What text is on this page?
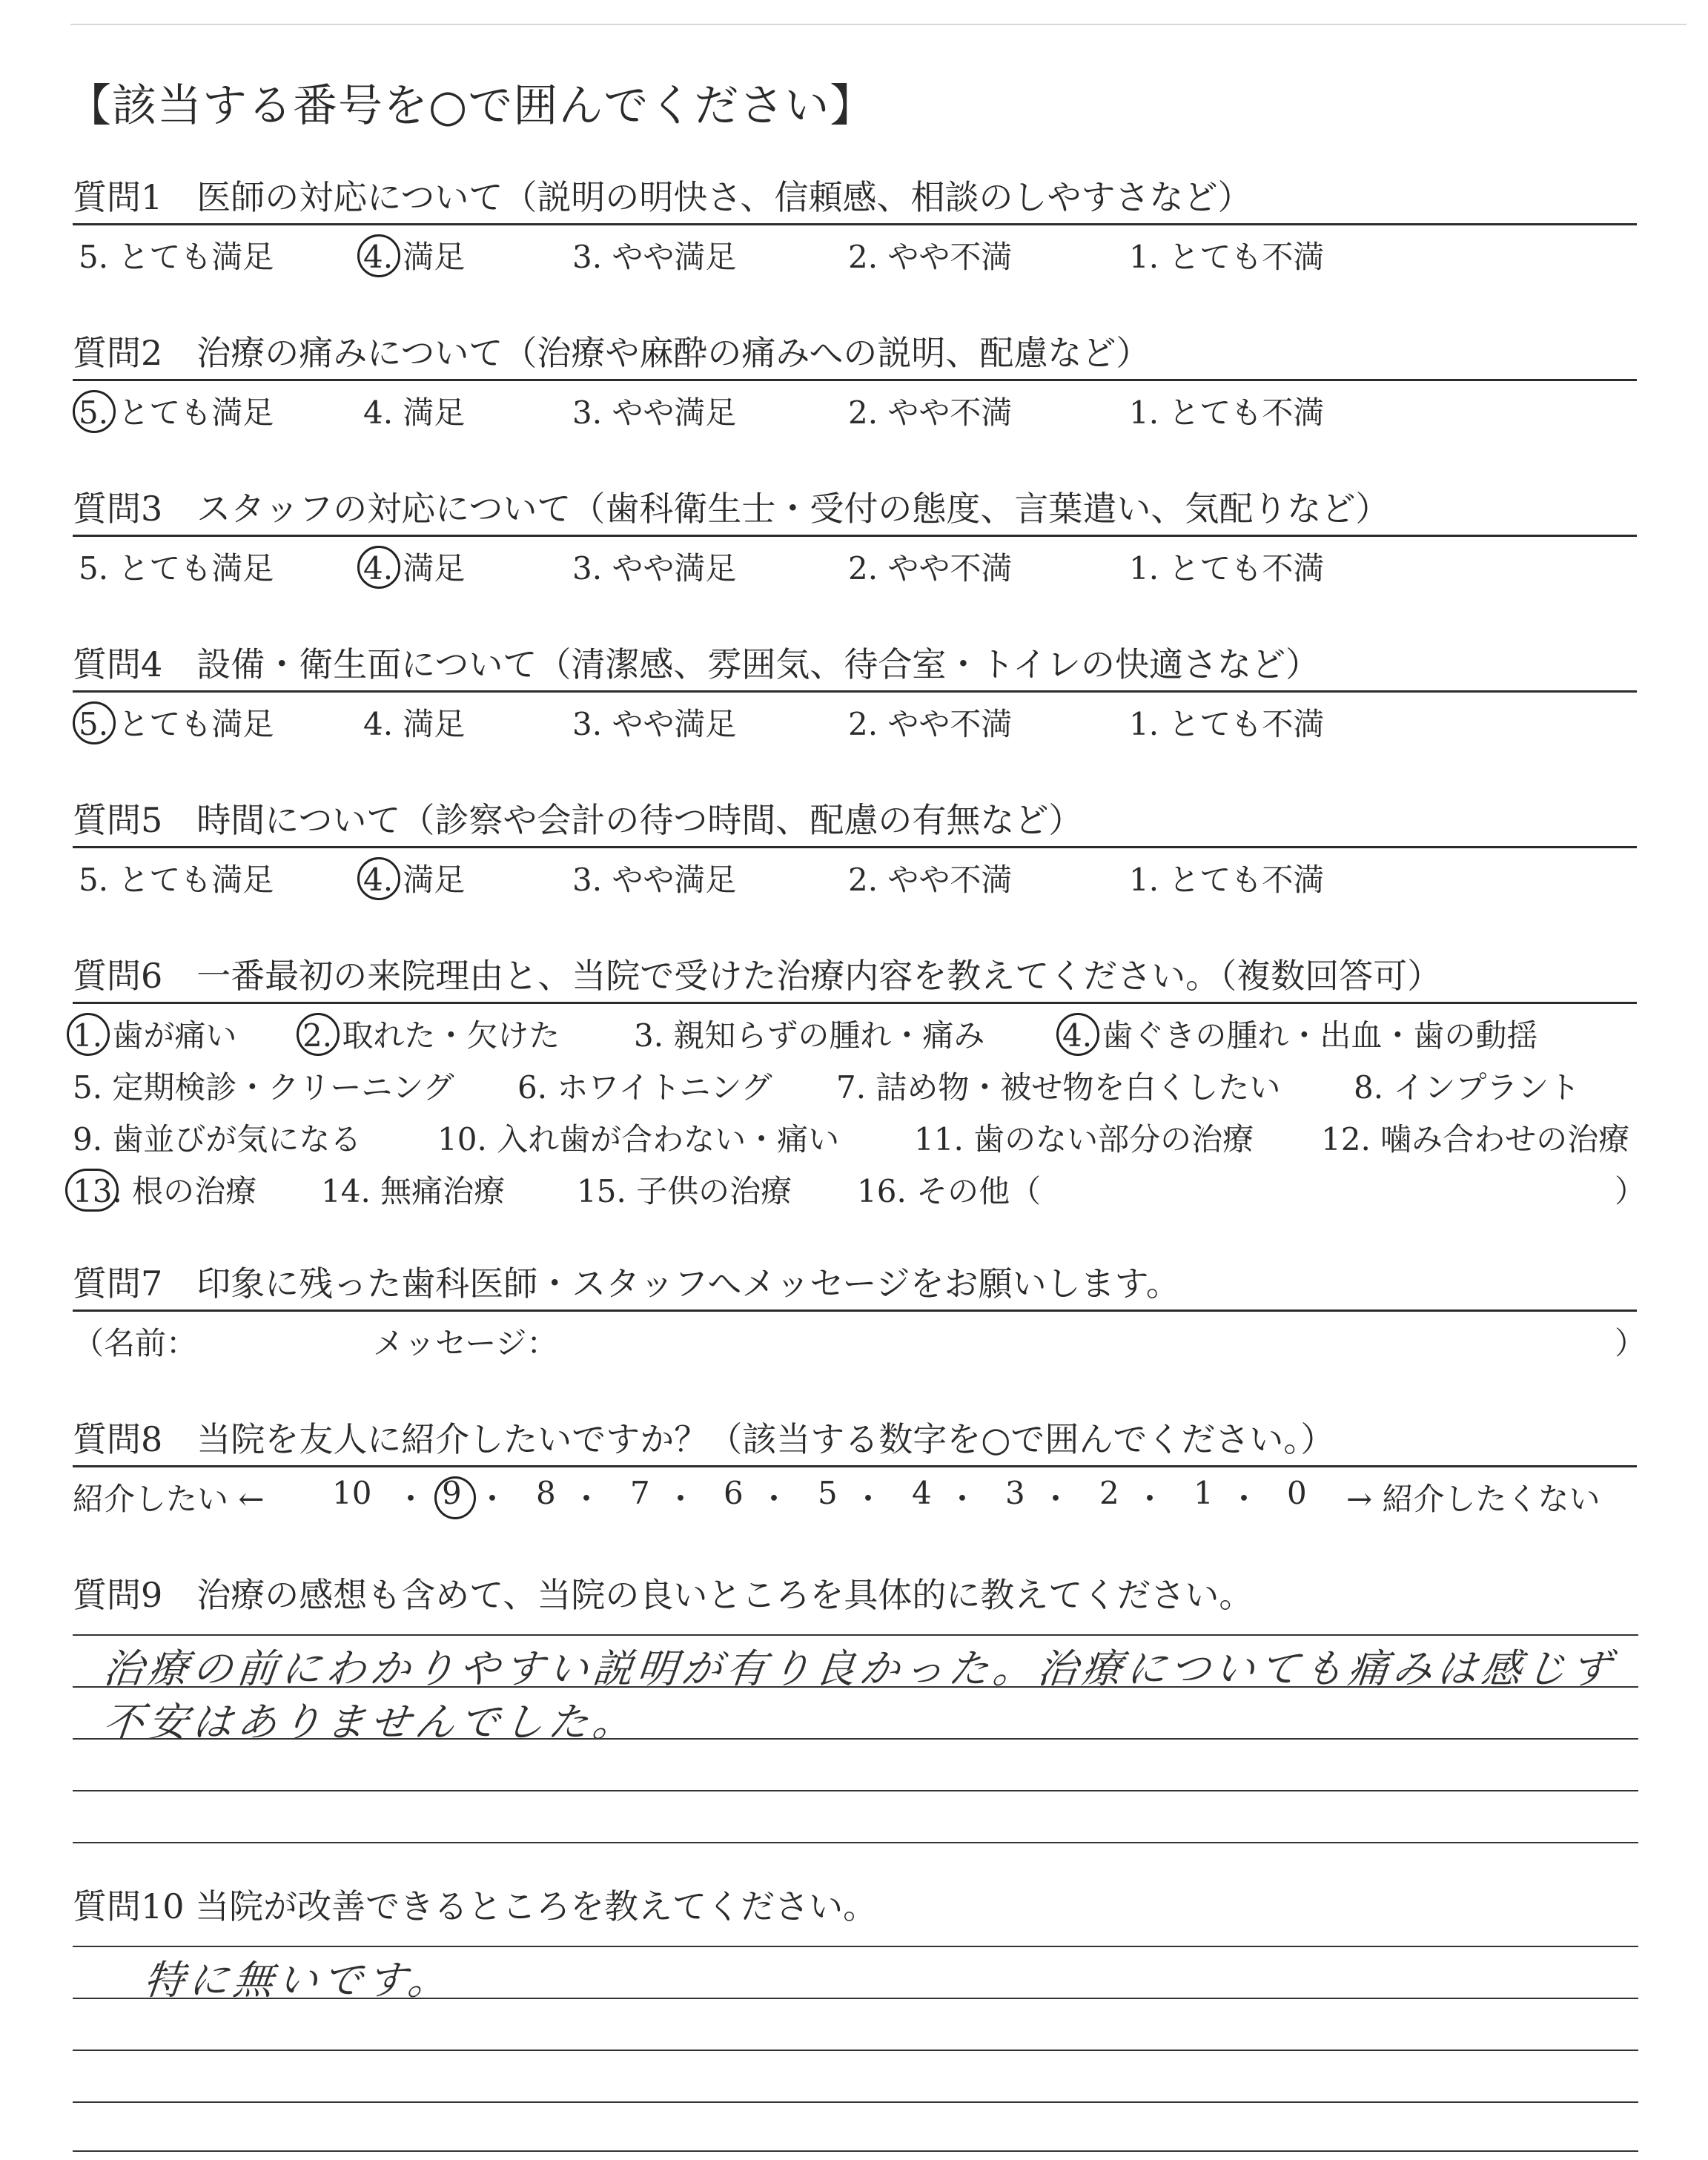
【該当する番号を○で囲んでください】
質問1　医師の対応について（説明の明快さ、信頼感、相談のしやすさなど）
5. とても満足	4. 満足	3. やや満足	2. やや不満	1. とても不満
質問2　治療の痛みについて（治療や麻酔の痛みへの説明、配慮など）
5. とても満足	4. 満足	3. やや満足	2. やや不満	1. とても不満
質問3　スタッフの対応について（歯科衛生士・受付の態度、言葉遣い、気配りなど）
5. とても満足	4. 満足	3. やや満足	2. やや不満	1. とても不満
質問4　設備・衛生面について（清潔感、雰囲気、待合室・トイレの快適さなど）
5. とても満足	4. 満足	3. やや満足	2. やや不満	1. とても不満
質問5　時間について（診察や会計の待つ時間、配慮の有無など）
5. とても満足	4. 満足	3. やや満足	2. やや不満	1. とても不満
質問6　一番最初の来院理由と、当院で受けた治療内容を教えてください。（複数回答可）
1. 歯が痛い 2. 取れた・欠けた 3. 親知らずの腫れ・痛み 4. 歯ぐきの腫れ・出血・歯の動揺
5. 定期検診・クリーニング 6. ホワイトニング 7. 詰め物・被せ物を白くしたい 8. インプラント
9. 歯並びが気になる 10. 入れ歯が合わない・痛い 11. 歯のない部分の治療 12. 噛み合わせの治療
13. 根の治療 14. 無痛治療 15. 子供の治療 16. その他（	）
質問7　印象に残った歯科医師・スタッフへメッセージをお願いします。
（名前：	メッセージ：	）
質問8　当院を友人に紹介したいですか？（該当する数字を○で囲んでください。）
紹介したい ← 10 ・ 9 ・ 8 ・ 7 ・ 6 ・ 5 ・ 4 ・ 3 ・ 2 ・ 1 ・ 0 → 紹介したくない
質問9　治療の感想も含めて、当院の良いところを具体的に教えてください。
治療の前にわかりやすい説明が有り良かった。治療についても痛みは感じず
不安はありませんでした。
質問10 当院が改善できるところを教えてください。
特に無いです。
